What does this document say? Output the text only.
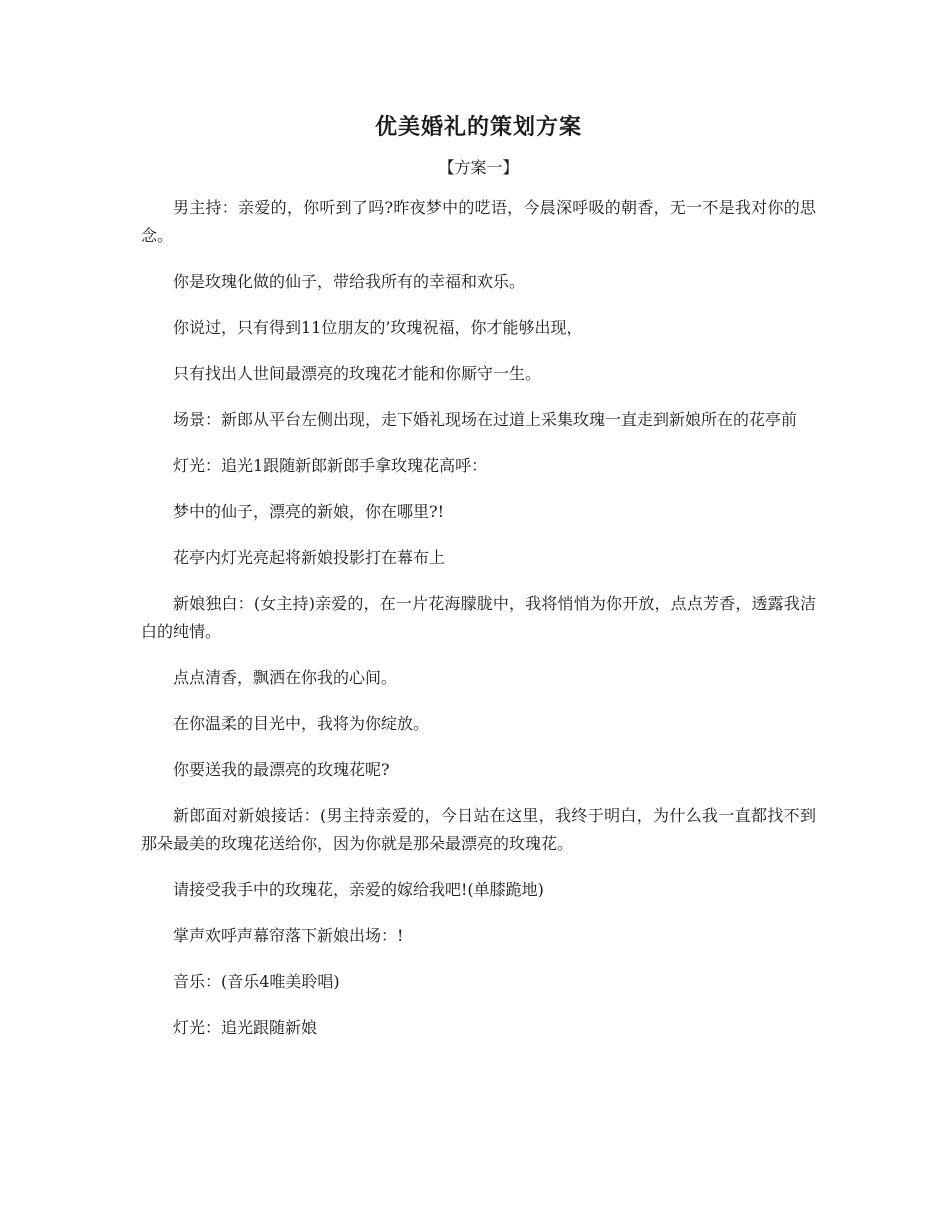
优美婚礼的策划方案
【方案一】

男主持：亲爱的，你听到了吗?昨夜梦中的呓语，今晨深呼吸的朝香，无一不是我对你的思念。

你是玫瑰化做的仙子，带给我所有的幸福和欢乐。

你说过，只有得到11位朋友的’玫瑰祝福，你才能够出现，

只有找出人世间最漂亮的玫瑰花才能和你厮守一生。

场景：新郎从平台左侧出现，走下婚礼现场在过道上采集玫瑰一直走到新娘所在的花亭前

灯光：追光1跟随新郎新郎手拿玫瑰花高呼：

梦中的仙子，漂亮的新娘，你在哪里?!

花亭内灯光亮起将新娘投影打在幕布上

新娘独白：(女主持)亲爱的，在一片花海朦胧中，我将悄悄为你开放，点点芳香，透露我洁白的纯情。

点点清香，飘洒在你我的心间。

在你温柔的目光中，我将为你绽放。

你要送我的最漂亮的玫瑰花呢?

新郎面对新娘接话：(男主持亲爱的，今日站在这里，我终于明白，为什么我一直都找不到那朵最美的玫瑰花送给你，因为你就是那朵最漂亮的玫瑰花。

请接受我手中的玫瑰花，亲爱的嫁给我吧!(单膝跪地)

掌声欢呼声幕帘落下新娘出场：!

音乐：(音乐4唯美聆唱)

灯光：追光跟随新娘
